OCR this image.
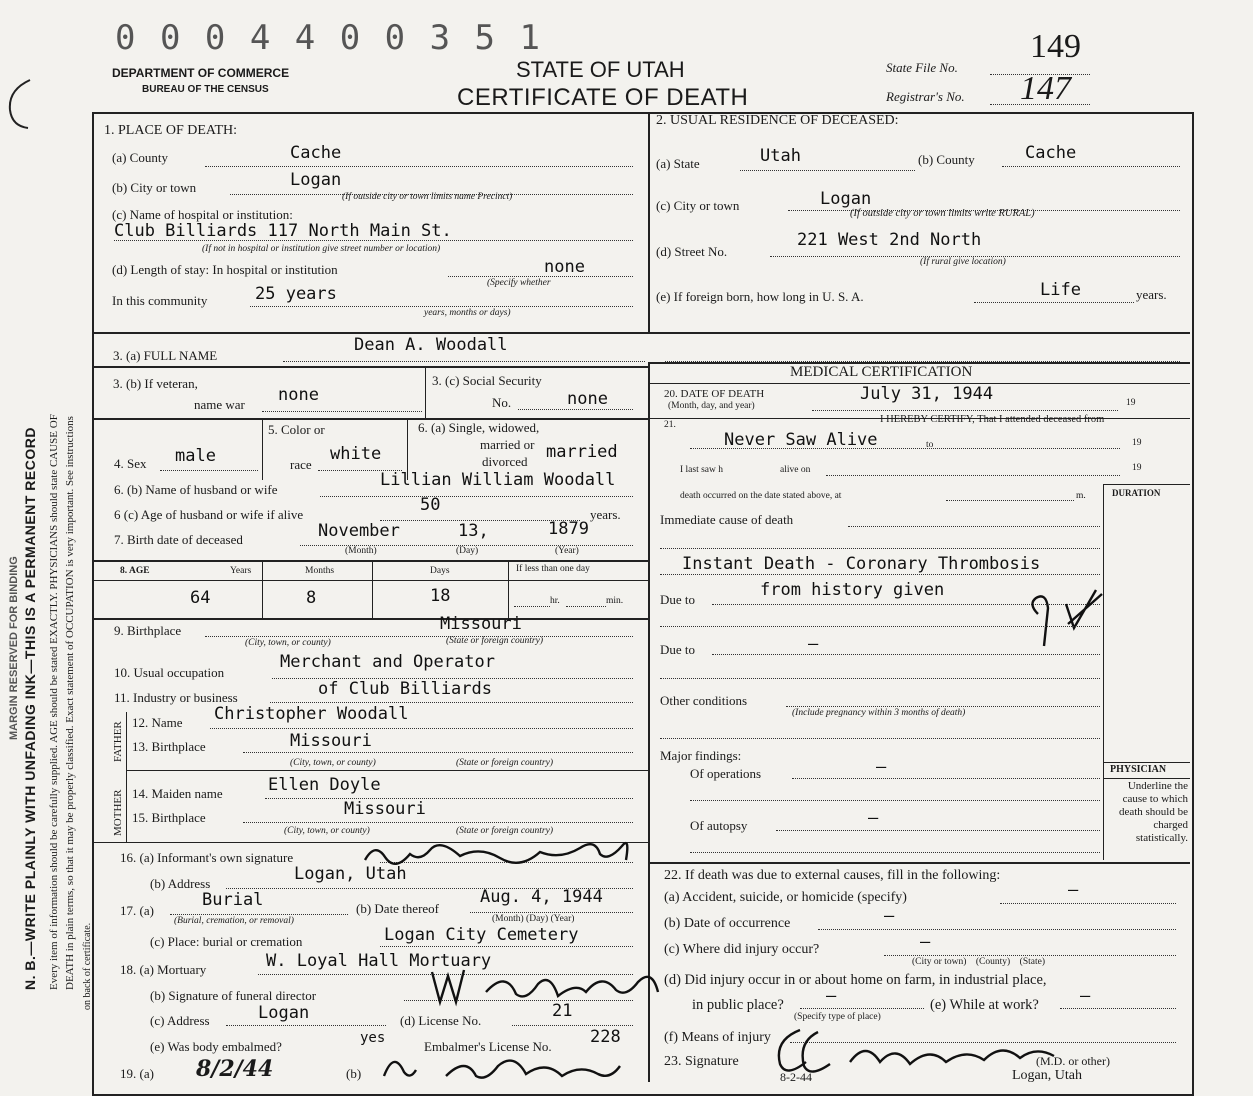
N. B.—WRITE PLAINLY WITH UNFADING INK—THIS IS A PERMANENT RECORD Every item of information should be carefully supplied. AGE should be stated EXACTLY. PHYSICIANS should state CAUSE OF DEATH in plain terms, so that it may be properly classified. Exact statement of OCCUPATION is very important. See instructions on back of certificate.
MARGIN RESERVED FOR BINDING
0 0 0 4 4 0 0 3 5 1
DEPARTMENT OF COMMERCE
BUREAU OF THE CENSUS
STATE OF UTAH
CERTIFICATE OF DEATH
State File No.
149
Registrar's No. 147
1. PLACE OF DEATH:
(a) County	Cache
(b) City or town	Logan
(If outside city or town limits name Precinct)
(c) Name of hospital or institution:
Club Billiards 117 North Main St.
(If not in hospital or institution give street number or location)
(d) Length of stay: In hospital or institution	none
(Specify whether
In this community	25 years
years, months or days)
2. USUAL RESIDENCE OF DECEASED:
(a) State	Utah	(b) County	Cache
(c) City or town	Logan
(If outside city or town limits write RURAL)
(d) Street No.
221 West 2nd North
(If rural give location)
(e) If foreign born, how long in U. S. A.	Life	years.
3. (a) FULL NAME
Dean A. Woodall
MEDICAL CERTIFICATION
3. (b) If veteran,
name war none
3. (c) Social Security
No.	none
4. Sex male
5. Color or
race
white
6. (a) Single, widowed,
married or
divorced married
6. (b) Name of husband or wife	Lillian William Woodall
6 (c) Age of husband or wife if alive	50	years.
7. Birth date of deceased	November	13,	1879
(Month)	(Day)	(Year)
8. AGE	Years	Months	Days	If less than one day
64	8	18	hr.	min.
9. Birthplace	Missouri
(City, town, or county)	(State or foreign country)
10. Usual occupation
Merchant and Operator
11. Industry or business	of Club Billiards
FATHER
MOTHER
12. Name Christopher Woodall
13. Birthplace	Missouri
(City, town, or county)	(State or foreign country)
14. Maiden name	Ellen Doyle
15. Birthplace	Missouri
(City, town, or county)	(State or foreign country)
16. (a) Informant's own signature
(b) Address	Logan, Utah
17. (a)
Burial
(Burial, cremation, or removal)
(b) Date thereof
Aug. 4, 1944
(Month) (Day) (Year)
(c) Place: burial or cremation	Logan City Cemetery
18. (a) Mortuary	W. Loyal Hall Mortuary
(b) Signature of funeral director
(c) Address	Logan	(d) License No.	21
(e) Was body embalmed?
yes
Embalmer's License No. 228
19. (a) 8/2/44	(b)
20. DATE OF DEATH
(Month, day, and year)
July 31, 1944	19
21.	I HEREBY CERTIFY, That I attended deceased from
Never Saw Alive	to	19
I last saw h	alive on	19
death occurred on the date stated above, at	m.	DURATION
Immediate cause of death
Instant Death - Coronary Thrombosis
Due to	from history given
Due to	—
Other conditions
(Include pregnancy within 3 months of death)
Major findings:
Of operations	—
Of autopsy	—
PHYSICIAN
Underline the cause to which death should be charged statistically.
22. If death was due to external causes, fill in the following:
(a) Accident, suicide, or homicide (specify)	—
(b) Date of occurrence	—
(c) Where did injury occur?	—
(City or town)    (County)    (State)
(d) Did injury occur in or about home on farm, in industrial place,
in public place? —	(e) While at work? —
(Specify type of place)
(f) Means of injury
23. Signature	(M.D. or other)
8-2-44	Logan, Utah
